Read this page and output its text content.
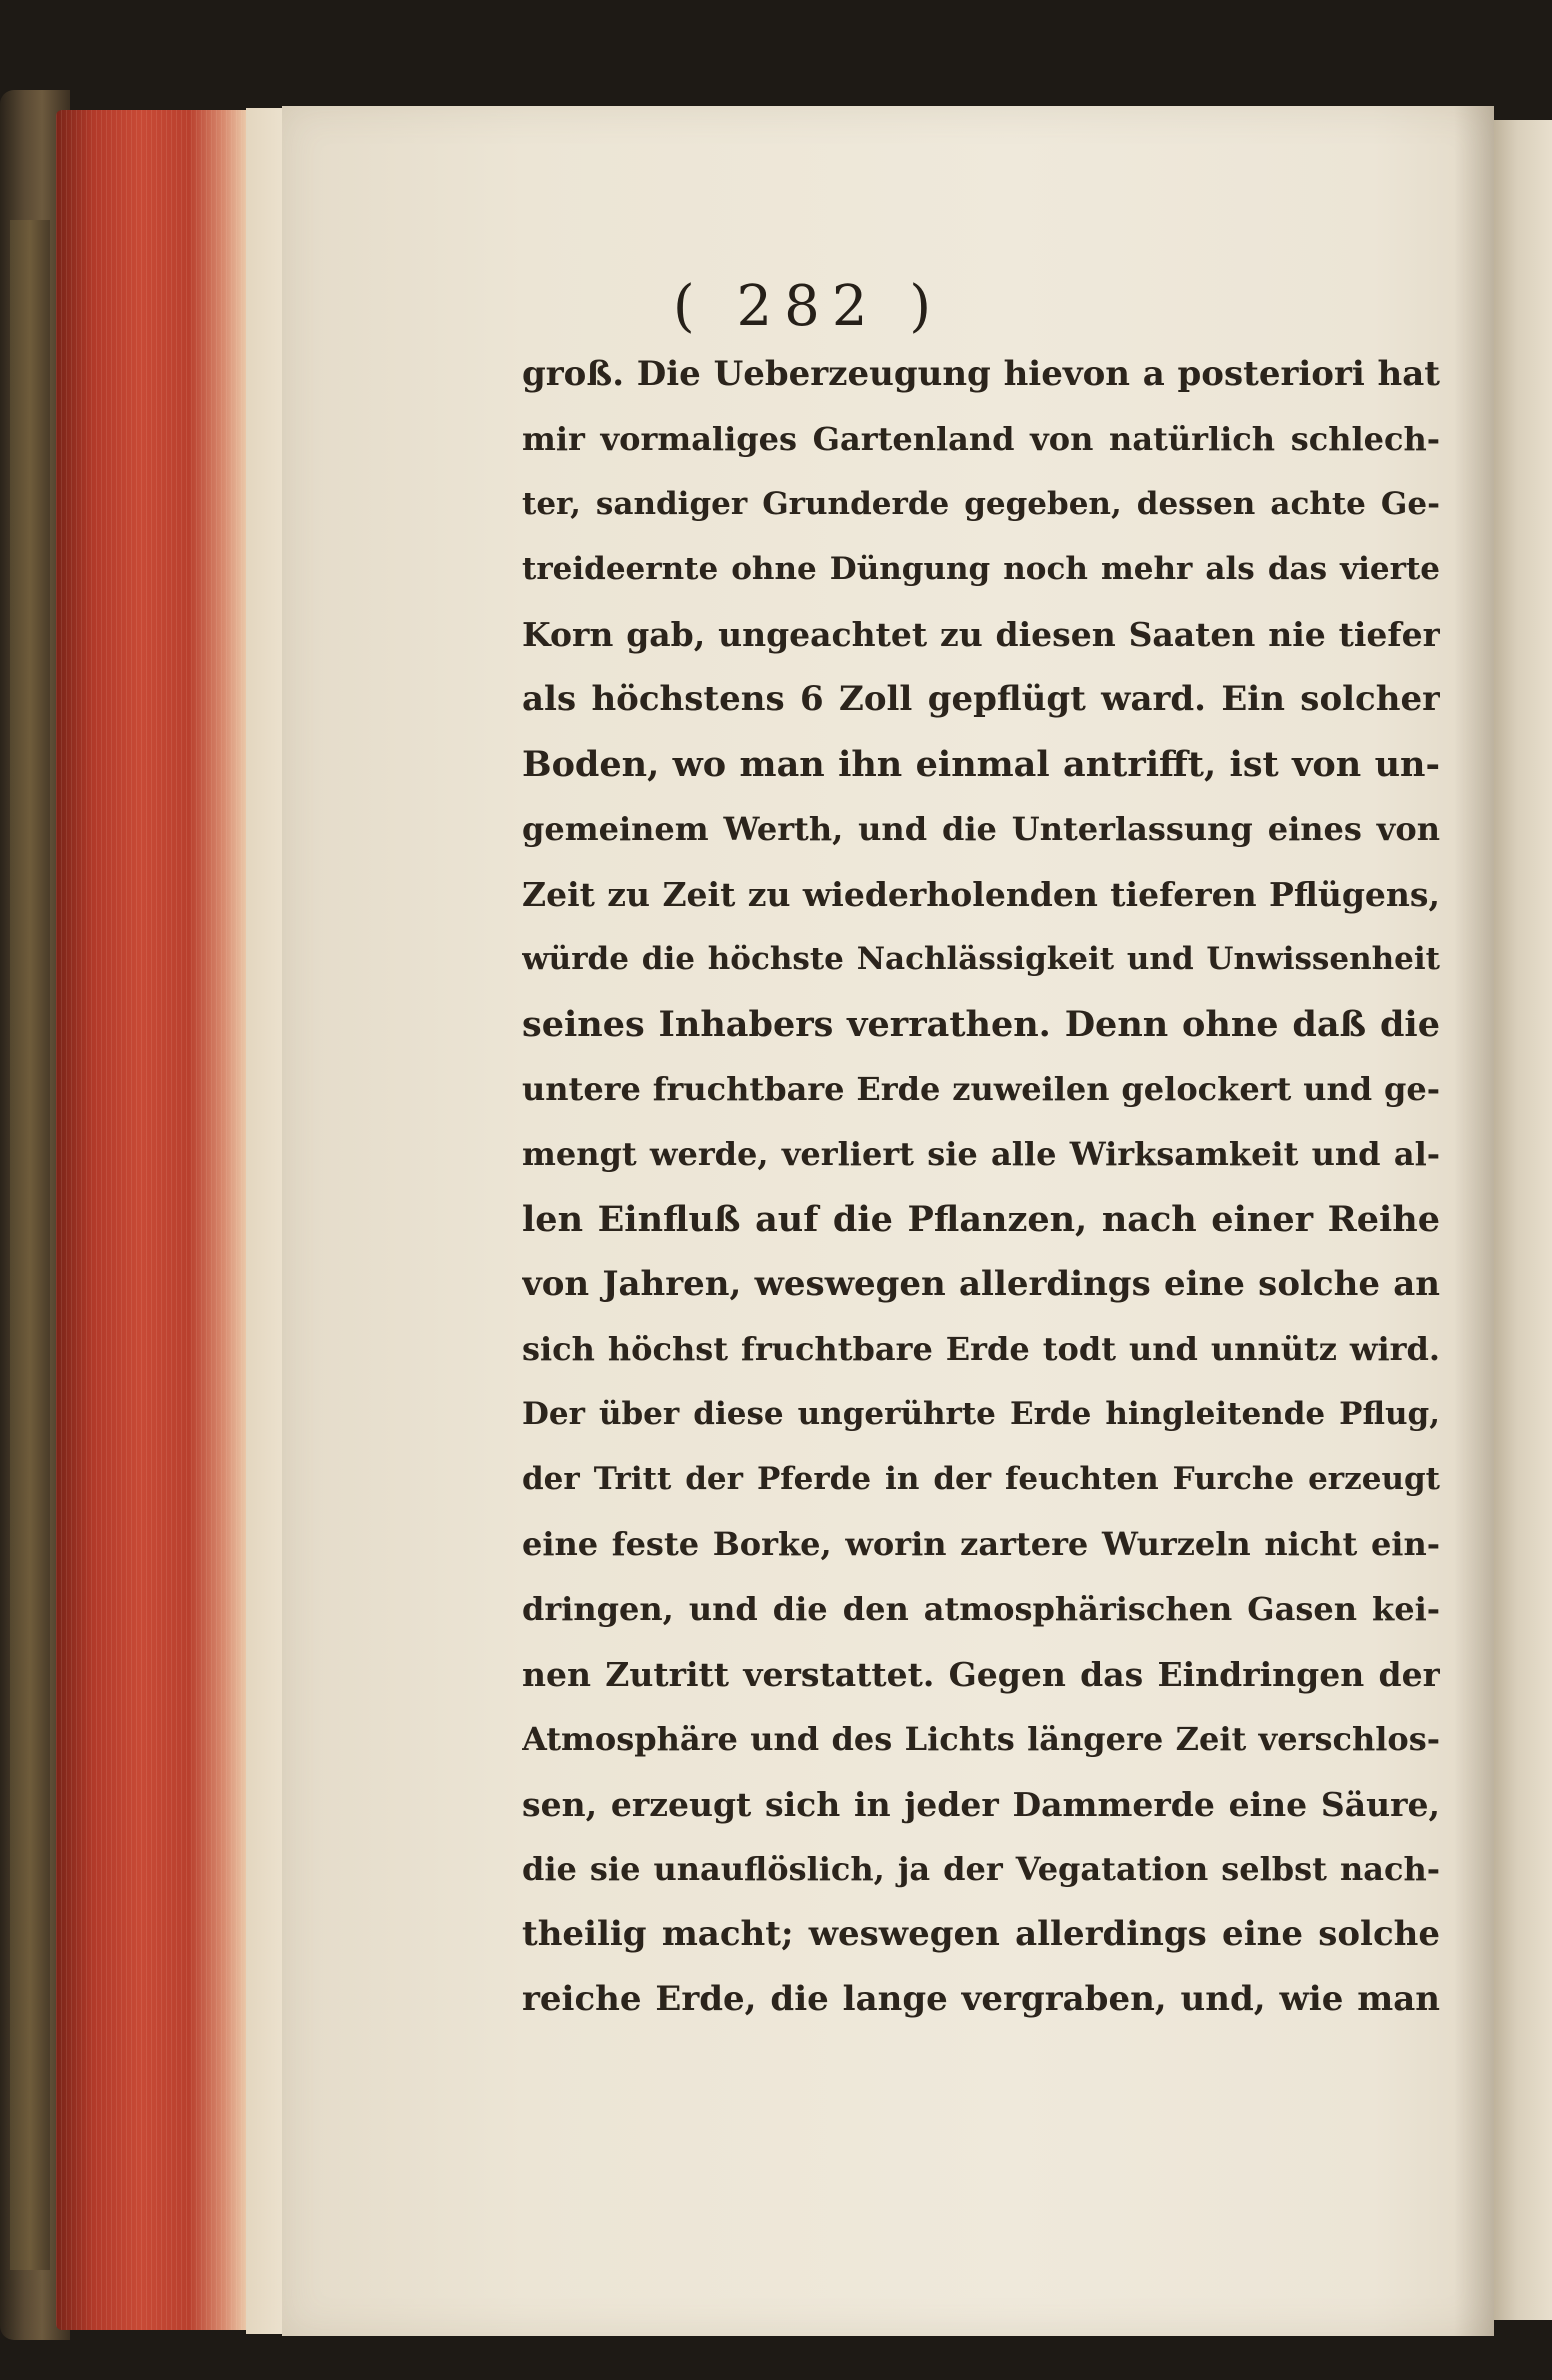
( 282 )
groß. Die Ueberzeugung hievon a posteriori hat
mir vormaliges Gartenland von natürlich schlech-
ter, sandiger Grunderde gegeben, dessen achte Ge-
treideernte ohne Düngung noch mehr als das vierte
Korn gab, ungeachtet zu diesen Saaten nie tiefer
als höchstens 6 Zoll gepflügt ward. Ein solcher
Boden, wo man ihn einmal antrifft, ist von un-
gemeinem Werth, und die Unterlassung eines von
Zeit zu Zeit zu wiederholenden tieferen Pflügens,
würde die höchste Nachlässigkeit und Unwissenheit
seines Inhabers verrathen. Denn ohne daß die
untere fruchtbare Erde zuweilen gelockert und ge-
mengt werde, verliert sie alle Wirksamkeit und al-
len Einfluß auf die Pflanzen, nach einer Reihe
von Jahren, weswegen allerdings eine solche an
sich höchst fruchtbare Erde todt und unnütz wird.
Der über diese ungerührte Erde hingleitende Pflug,
der Tritt der Pferde in der feuchten Furche erzeugt
eine feste Borke, worin zartere Wurzeln nicht ein-
dringen, und die den atmosphärischen Gasen kei-
nen Zutritt verstattet. Gegen das Eindringen der
Atmosphäre und des Lichts längere Zeit verschlos-
sen, erzeugt sich in jeder Dammerde eine Säure,
die sie unauflöslich, ja der Vegatation selbst nach-
theilig macht; weswegen allerdings eine solche
reiche Erde, die lange vergraben, und, wie man
